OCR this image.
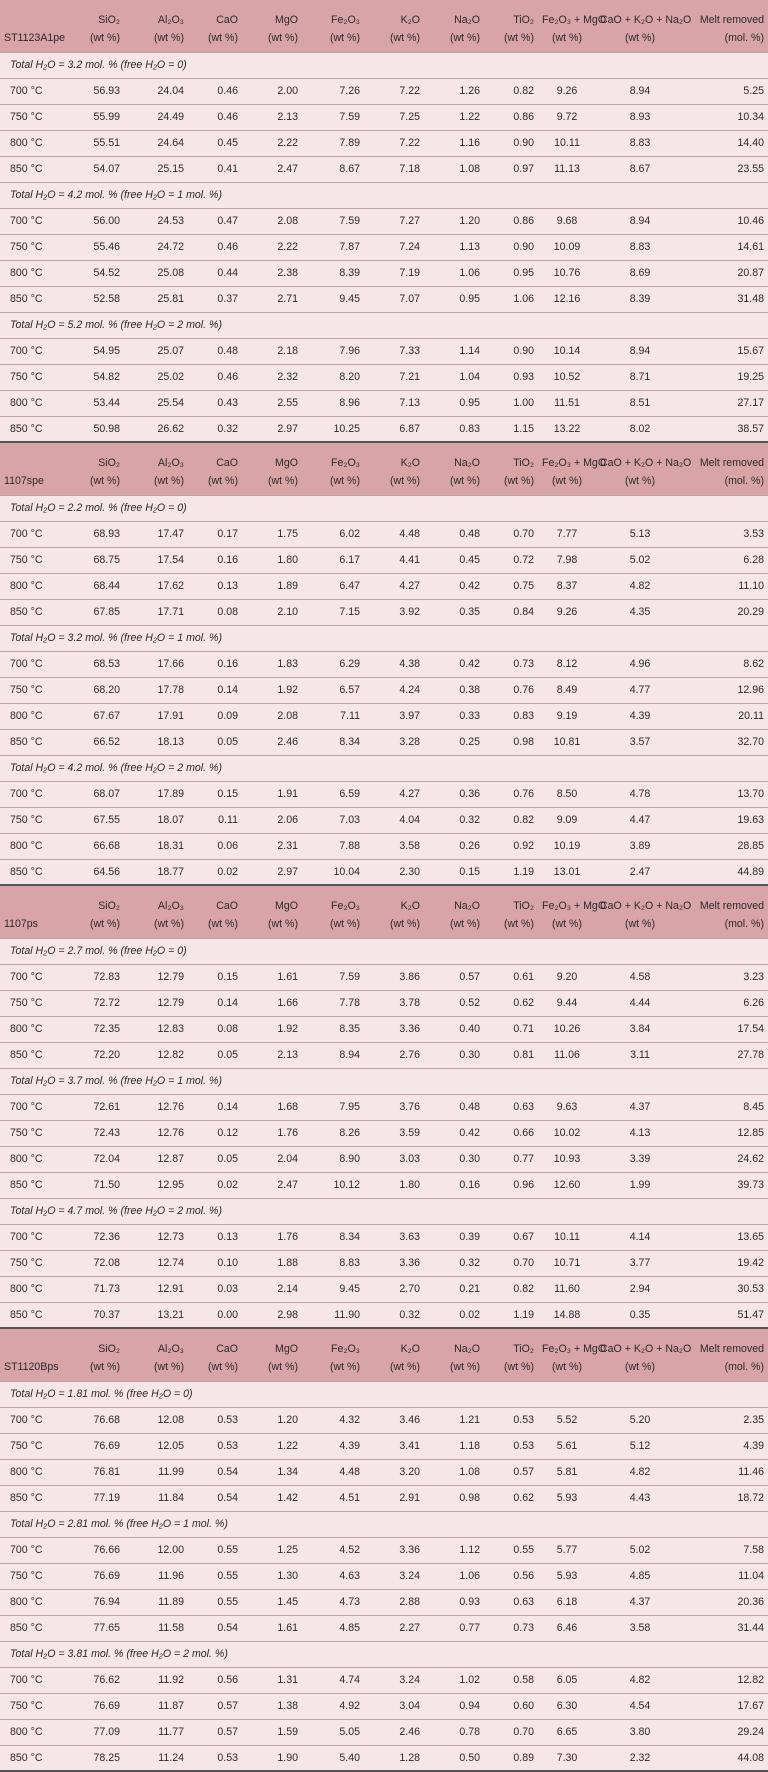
	SiO₂	Al₂O₃	CaO	MgO	Fe₂O₃	K₂O	Na₂O	TiO₂	Fe₂O₃ + MgO	CaO + K₂O + Na₂O	Melt removed
ST1123A1pe	(wt %)	(wt %)	(wt %)	(wt %)	(wt %)	(wt %)	(wt %)	(wt %)	(wt %)	(wt %)	(mol. %)
Total H₂O = 3.2 mol. % (free H₂O = 0)											
700 °C	56.93	24.04	0.46	2.00	7.26	7.22	1.26	0.82	9.26	8.94	5.25
750 °C	55.99	24.49	0.46	2.13	7.59	7.25	1.22	0.86	9.72	8.93	10.34
800 °C	55.51	24.64	0.45	2.22	7.89	7.22	1.16	0.90	10.11	8.83	14.40
850 °C	54.07	25.15	0.41	2.47	8.67	7.18	1.08	0.97	11.13	8.67	23.55
Total H₂O = 4.2 mol. % (free H₂O = 1 mol. %)											
700 °C	56.00	24.53	0.47	2.08	7.59	7.27	1.20	0.86	9.68	8.94	10.46
750 °C	55.46	24.72	0.46	2.22	7.87	7.24	1.13	0.90	10.09	8.83	14.61
800 °C	54.52	25.08	0.44	2.38	8.39	7.19	1.06	0.95	10.76	8.69	20.87
850 °C	52.58	25.81	0.37	2.71	9.45	7.07	0.95	1.06	12.16	8.39	31.48
Total H₂O = 5.2 mol. % (free H₂O = 2 mol. %)											
700 °C	54.95	25.07	0.48	2.18	7.96	7.33	1.14	0.90	10.14	8.94	15.67
750 °C	54.82	25.02	0.46	2.32	8.20	7.21	1.04	0.93	10.52	8.71	19.25
800 °C	53.44	25.54	0.43	2.55	8.96	7.13	0.95	1.00	11.51	8.51	27.17
850 °C	50.98	26.62	0.32	2.97	10.25	6.87	0.83	1.15	13.22	8.02	38.57
	SiO₂	Al₂O₃	CaO	MgO	Fe₂O₃	K₂O	Na₂O	TiO₂	Fe₂O₃ + MgO	CaO + K₂O + Na₂O	Melt removed
1107spe	(wt %)	(wt %)	(wt %)	(wt %)	(wt %)	(wt %)	(wt %)	(wt %)	(wt %)	(wt %)	(mol. %)
Total H₂O = 2.2 mol. % (free H₂O = 0)											
700 °C	68.93	17.47	0.17	1.75	6.02	4.48	0.48	0.70	7.77	5.13	3.53
750 °C	68.75	17.54	0.16	1.80	6.17	4.41	0.45	0.72	7.98	5.02	6.28
800 °C	68.44	17.62	0.13	1.89	6.47	4.27	0.42	0.75	8.37	4.82	11.10
850 °C	67.85	17.71	0.08	2.10	7.15	3.92	0.35	0.84	9.26	4.35	20.29
Total H₂O = 3.2 mol. % (free H₂O = 1 mol. %)											
700 °C	68.53	17.66	0.16	1.83	6.29	4.38	0.42	0.73	8.12	4.96	8.62
750 °C	68.20	17.78	0.14	1.92	6.57	4.24	0.38	0.76	8.49	4.77	12.96
800 °C	67.67	17.91	0.09	2.08	7.11	3.97	0.33	0.83	9.19	4.39	20.11
850 °C	66.52	18.13	0.05	2.46	8.34	3.28	0.25	0.98	10.81	3.57	32.70
Total H₂O = 4.2 mol. % (free H₂O = 2 mol. %)											
700 °C	68.07	17.89	0.15	1.91	6.59	4.27	0.36	0.76	8.50	4.78	13.70
750 °C	67.55	18.07	0.11	2.06	7.03	4.04	0.32	0.82	9.09	4.47	19.63
800 °C	66.68	18.31	0.06	2.31	7.88	3.58	0.26	0.92	10.19	3.89	28.85
850 °C	64.56	18.77	0.02	2.97	10.04	2.30	0.15	1.19	13.01	2.47	44.89
	SiO₂	Al₂O₃	CaO	MgO	Fe₂O₃	K₂O	Na₂O	TiO₂	Fe₂O₃ + MgO	CaO + K₂O + Na₂O	Melt removed
1107ps	(wt %)	(wt %)	(wt %)	(wt %)	(wt %)	(wt %)	(wt %)	(wt %)	(wt %)	(wt %)	(mol. %)
Total H₂O = 2.7 mol. % (free H₂O = 0)											
700 °C	72.83	12.79	0.15	1.61	7.59	3.86	0.57	0.61	9.20	4.58	3.23
750 °C	72.72	12.79	0.14	1.66	7.78	3.78	0.52	0.62	9.44	4.44	6.26
800 °C	72.35	12.83	0.08	1.92	8.35	3.36	0.40	0.71	10.26	3.84	17.54
850 °C	72.20	12.82	0.05	2.13	8.94	2.76	0.30	0.81	11.06	3.11	27.78
Total H₂O = 3.7 mol. % (free H₂O = 1 mol. %)											
700 °C	72.61	12.76	0.14	1.68	7.95	3.76	0.48	0.63	9.63	4.37	8.45
750 °C	72.43	12.76	0.12	1.76	8.26	3.59	0.42	0.66	10.02	4.13	12.85
800 °C	72.04	12.87	0.05	2.04	8.90	3.03	0.30	0.77	10.93	3.39	24.62
850 °C	71.50	12.95	0.02	2.47	10.12	1.80	0.16	0.96	12.60	1.99	39.73
Total H₂O = 4.7 mol. % (free H₂O = 2 mol. %)											
700 °C	72.36	12.73	0.13	1.76	8.34	3.63	0.39	0.67	10.11	4.14	13.65
750 °C	72.08	12.74	0.10	1.88	8.83	3.36	0.32	0.70	10.71	3.77	19.42
800 °C	71.73	12.91	0.03	2.14	9.45	2.70	0.21	0.82	11.60	2.94	30.53
850 °C	70.37	13.21	0.00	2.98	11.90	0.32	0.02	1.19	14.88	0.35	51.47
	SiO₂	Al₂O₃	CaO	MgO	Fe₂O₃	K₂O	Na₂O	TiO₂	Fe₂O₃ + MgO	CaO + K₂O + Na₂O	Melt removed
ST1120Bps	(wt %)	(wt %)	(wt %)	(wt %)	(wt %)	(wt %)	(wt %)	(wt %)	(wt %)	(wt %)	(mol. %)
Total H₂O = 1.81 mol. % (free H₂O = 0)											
700 °C	76.68	12.08	0.53	1.20	4.32	3.46	1.21	0.53	5.52	5.20	2.35
750 °C	76.69	12.05	0.53	1.22	4.39	3.41	1.18	0.53	5.61	5.12	4.39
800 °C	76.81	11.99	0.54	1.34	4.48	3.20	1.08	0.57	5.81	4.82	11.46
850 °C	77.19	11.84	0.54	1.42	4.51	2.91	0.98	0.62	5.93	4.43	18.72
Total H₂O = 2.81 mol. % (free H₂O = 1 mol. %)											
700 °C	76.66	12.00	0.55	1.25	4.52	3.36	1.12	0.55	5.77	5.02	7.58
750 °C	76.69	11.96	0.55	1.30	4.63	3.24	1.06	0.56	5.93	4.85	11.04
800 °C	76.94	11.89	0.55	1.45	4.73	2.88	0.93	0.63	6.18	4.37	20.36
850 °C	77.65	11.58	0.54	1.61	4.85	2.27	0.77	0.73	6.46	3.58	31.44
Total H₂O = 3.81 mol. % (free H₂O = 2 mol. %)											
700 °C	76.62	11.92	0.56	1.31	4.74	3.24	1.02	0.58	6.05	4.82	12.82
750 °C	76.69	11.87	0.57	1.38	4.92	3.04	0.94	0.60	6.30	4.54	17.67
800 °C	77.09	11.77	0.57	1.59	5.05	2.46	0.78	0.70	6.65	3.80	29.24
850 °C	78.25	11.24	0.53	1.90	5.40	1.28	0.50	0.89	7.30	2.32	44.08
